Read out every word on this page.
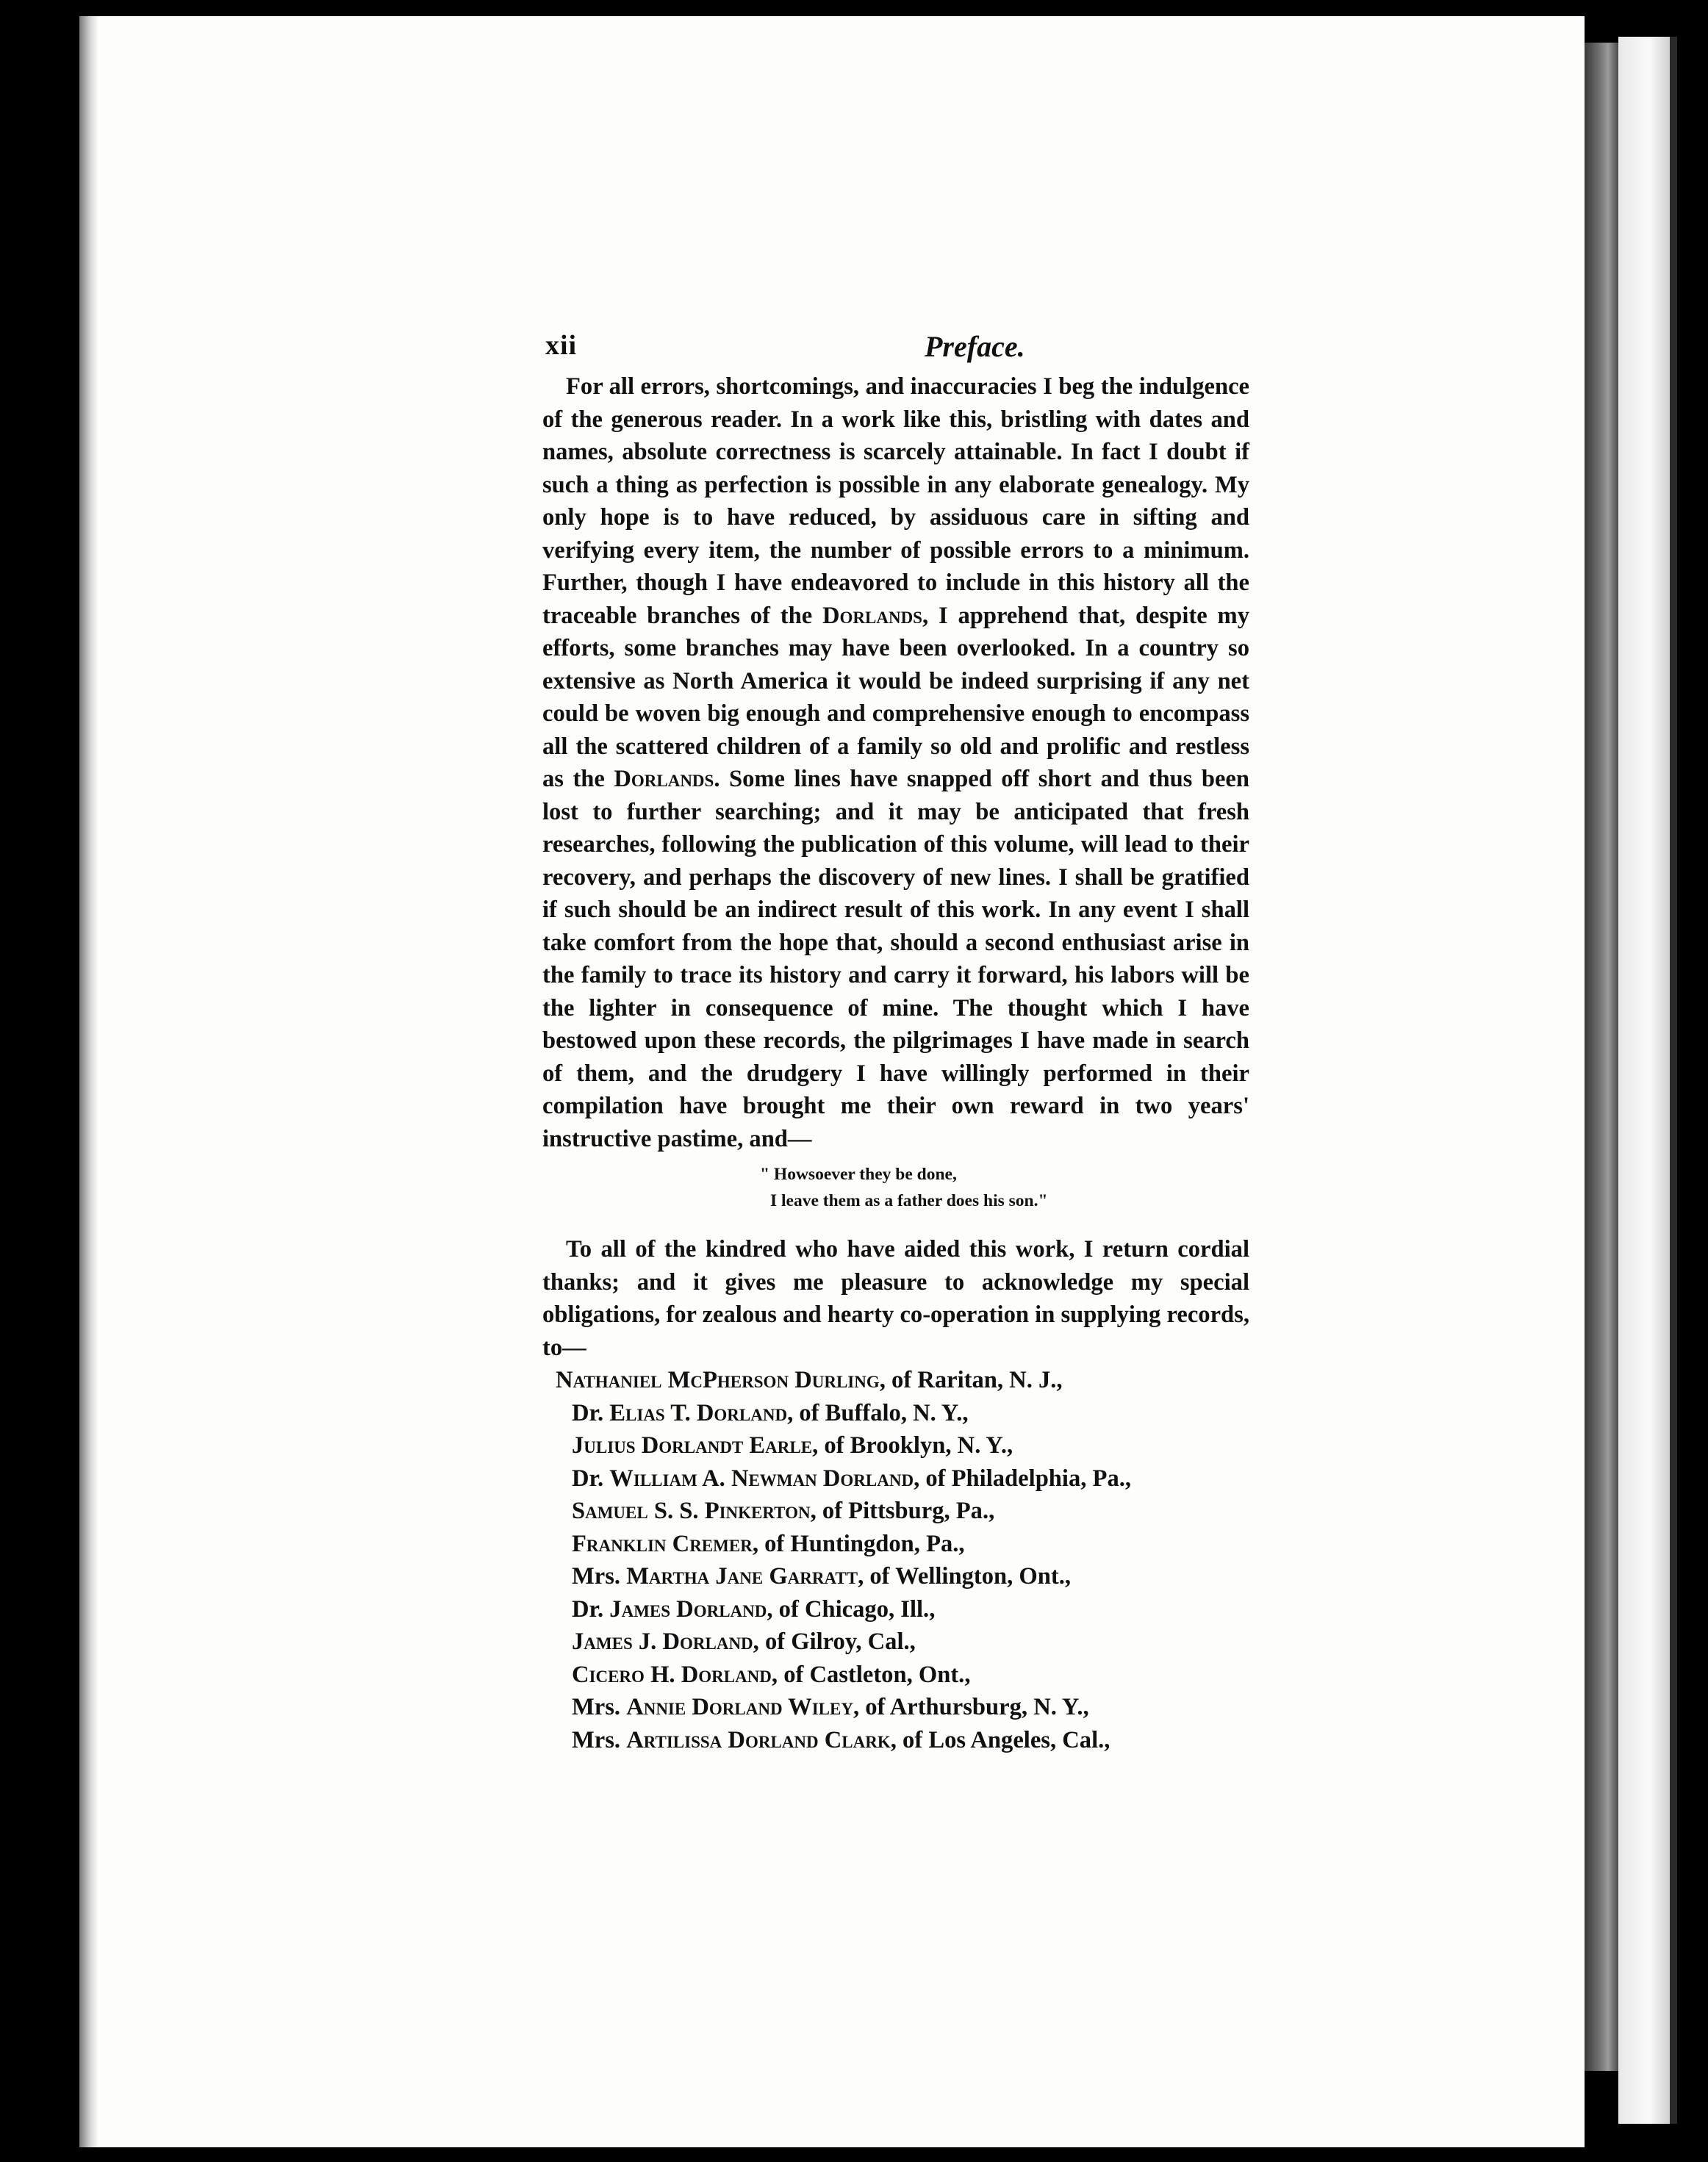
xii	Preface.
For all errors, shortcomings, and inaccuracies I beg the indulgence of the generous reader. In a work like this, bristling with dates and names, absolute correctness is scarcely attainable. In fact I doubt if such a thing as perfection is possible in any elaborate genealogy. My only hope is to have reduced, by assiduous care in sifting and verifying every item, the number of possible errors to a minimum. Further, though I have endeavored to include in this history all the traceable branches of the Dorlands, I apprehend that, despite my efforts, some branches may have been overlooked. In a country so extensive as North America it would be indeed surprising if any net could be woven big enough and comprehensive enough to encompass all the scattered children of a family so old and prolific and restless as the Dorlands. Some lines have snapped off short and thus been lost to further searching; and it may be anticipated that fresh researches, following the publication of this volume, will lead to their recovery, and perhaps the discovery of new lines. I shall be gratified if such should be an indirect result of this work. In any event I shall take comfort from the hope that, should a second enthusiast arise in the family to trace its history and carry it forward, his labors will be the lighter in consequence of mine. The thought which I have bestowed upon these records, the pilgrimages I have made in search of them, and the drudgery I have willingly performed in their compilation have brought me their own reward in two years' instructive pastime, and—
" Howsoever they be done,
I leave them as a father does his son."
To all of the kindred who have aided this work, I return cordial thanks; and it gives me pleasure to acknowledge my special obligations, for zealous and hearty co-operation in supplying records, to—
Nathaniel McPherson Durling, of Raritan, N. J.,
Dr. Elias T. Dorland, of Buffalo, N. Y.,
Julius Dorlandt Earle, of Brooklyn, N. Y.,
Dr. William A. Newman Dorland, of Philadelphia, Pa.,
Samuel S. S. Pinkerton, of Pittsburg, Pa.,
Franklin Cremer, of Huntingdon, Pa.,
Mrs. Martha Jane Garratt, of Wellington, Ont.,
Dr. James Dorland, of Chicago, Ill.,
James J. Dorland, of Gilroy, Cal.,
Cicero H. Dorland, of Castleton, Ont.,
Mrs. Annie Dorland Wiley, of Arthursburg, N. Y.,
Mrs. Artilissa Dorland Clark, of Los Angeles, Cal.,
